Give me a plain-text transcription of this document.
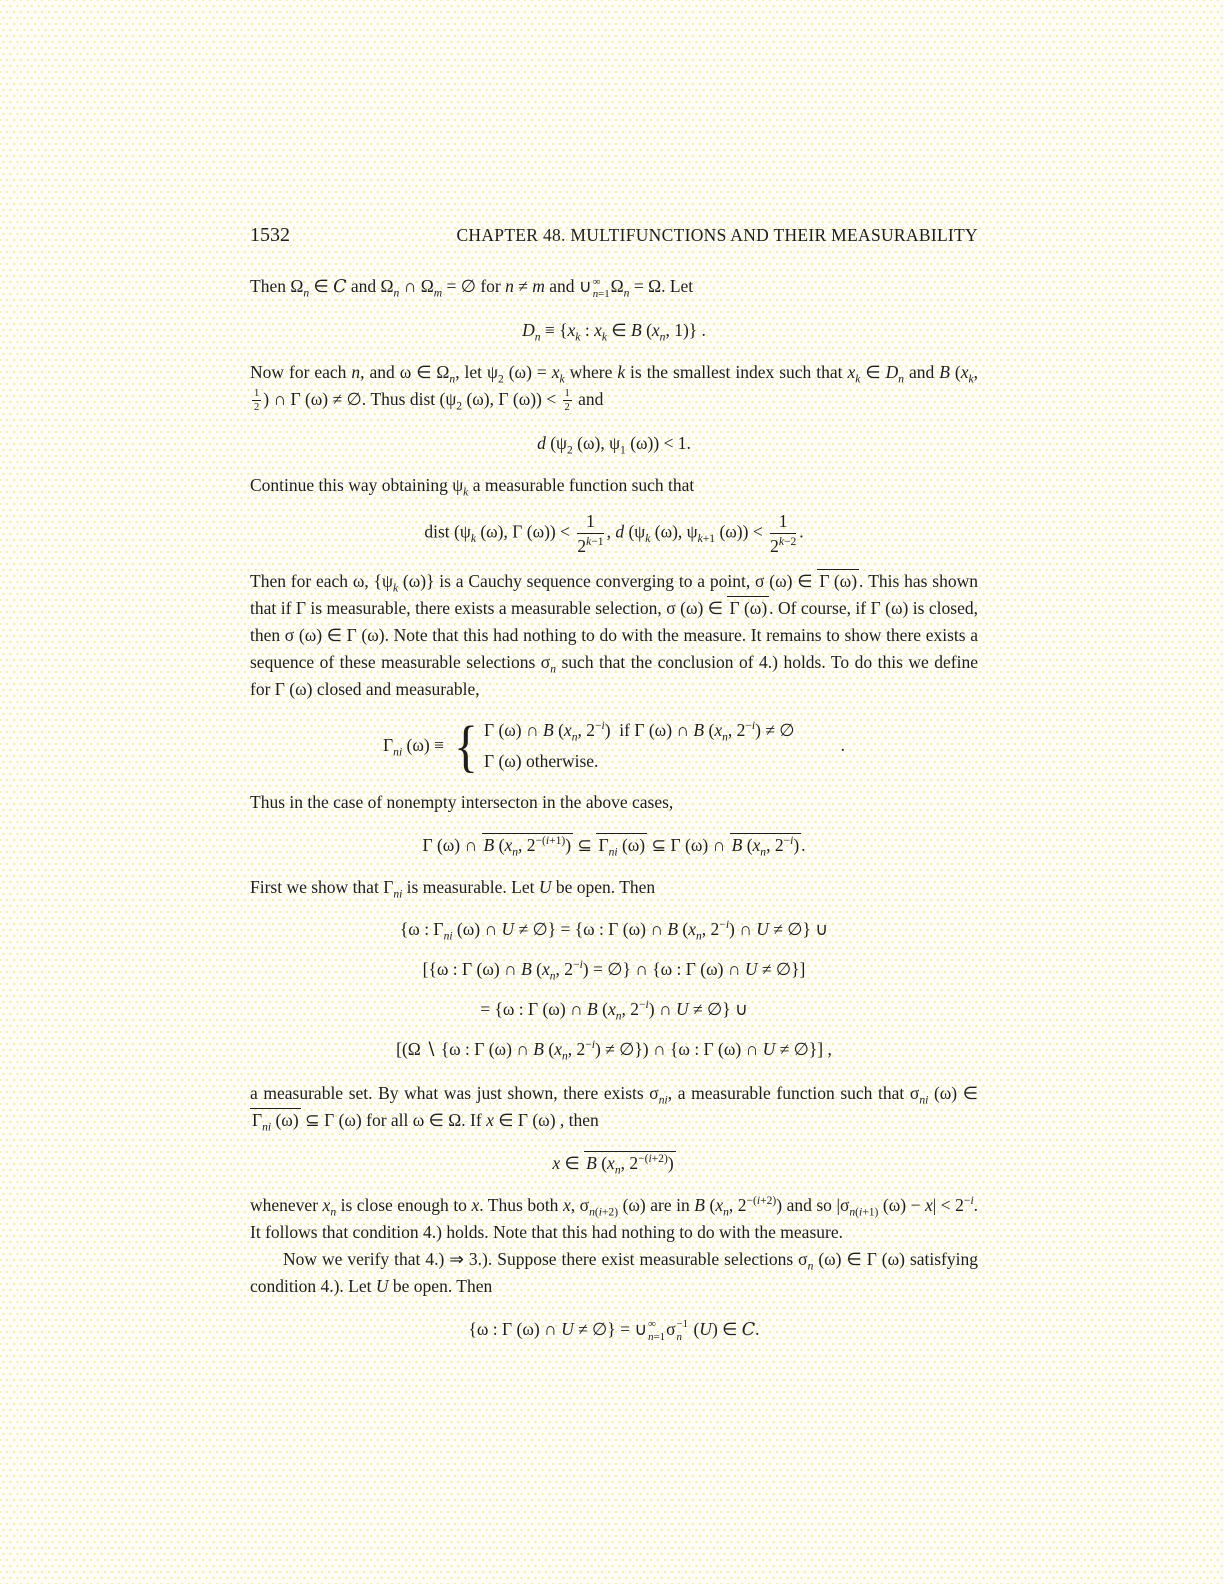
1532	CHAPTER 48. MULTIFUNCTIONS AND THEIR MEASURABILITY

Then $\Omega_n$ ∈ C and $\Omega_n$ ∩ $\Omega_m$ = ∅ for n ≠ m and ∪ ∞
n=1 $\Omega_n = \Omega$. Let

$D_n \equiv \{x_k$ : $x_k$ ∈ B ($x_n$, 1)} .

Now for each n, and ω ∈ $\Omega_n$, let $\psi_2$ $(\omega) = x_k$ where k is the smallest index such that $x_k$ ∈ $D_n$ and B ($x_k$,
$\frac{1}{2}$ ) ∩ Γ (ω) ≠ ∅. Thus dist ($\psi_2$ (ω), Γ $(\omega)) < \frac{1}{2}$ and

d ($\psi_2$ (ω), $\psi_1$ (ω)) < 1.

Continue this way obtaining $\psi_k$ a measurable function such that

dist ($\psi_k$ (ω), Γ $(\omega)) < \frac{1}{2^{k-1}}$ , d ($\psi_k$ (ω), $\psi_{k+1}$ $(\omega)) < \frac{1}{2^{k-2}}$ .

Then for each ω, {$\psi_k$ (ω)} is a Cauchy sequence converging to a point, σ (ω) ∈ Γ (ω) . This has shown that if Γ is measurable, there exists a measurable selection, σ (ω) ∈ Γ (ω) . Of course, if Γ (ω) is closed, then σ (ω) ∈ Γ (ω). Note that this had nothing to do with the measure. It remains to show there exists a sequence of these measurable selections $\sigma_n$ such that the conclusion of 4.) holds. To do this we define for Γ (ω) closed and measurable,

$\Gamma_{ni}$ (ω) ≡ { Γ (ω) ∩ B ($x_n$, $2^{-i}$)  if Γ (ω) ∩ B ($x_n$, $2^{-i}$) ≠ ∅
Γ (ω) otherwise.
.

Thus in the case of nonempty intersecton in the above cases,

Γ (ω) ∩ B ($x_n$, $2^{-(i+1)}$) ⊆ $\Gamma_{ni}$ (ω) ⊆ Γ (ω) ∩ B ($x_n$, $2^{-i}$) .

First we show that $\Gamma_{ni}$ is measurable. Let U be open. Then

{ω : $\Gamma_{ni}$ (ω) ∩ U ≠ ∅} = {ω : Γ (ω) ∩ B ($x_n$, $2^{-i}$) ∩ U ≠ ∅} ∪
[{ω : Γ (ω) ∩ B ($x_n$, $2^{-i}$) = ∅} ∩ {ω : Γ (ω) ∩ U ≠ ∅}]
= {ω : Γ (ω) ∩ B ($x_n$, $2^{-i}$) ∩ U ≠ ∅} ∪
[(Ω ∖ {ω : Γ (ω) ∩ B ($x_n$, $2^{-i}$) ≠ ∅}) ∩ {ω : Γ (ω) ∩ U ≠ ∅}] ,

a measurable set. By what was just shown, there exists $\sigma_{ni}$, a measurable function such that $\sigma_{ni}$ (ω) ∈ $\Gamma_{ni}$ (ω) ⊆ Γ (ω) for all ω ∈ Ω. If x ∈ Γ (ω) , then

x ∈ B ($x_n$, $2^{-(i+2)}$)

whenever $x_n$ is close enough to x. Thus both x, $\sigma_{n(i+2)}$ (ω) are in B ($x_n$, $2^{-(i+2)}$) and so $|\sigma_{n(i+1)}$ $(\omega) - x| < 2^{-i}$. It follows that condition 4.) holds. Note that this had nothing to do with the measure.

Now we verify that 4.) ⇒ 3.). Suppose there exist measurable selections $\sigma_n$ (ω) ∈ Γ (ω) satisfying condition 4.). Let U be open. Then

{ω : Γ (ω) ∩ U ≠ ∅} = ∪ ∞
n=1 σ −1
n (U) ∈ C.
